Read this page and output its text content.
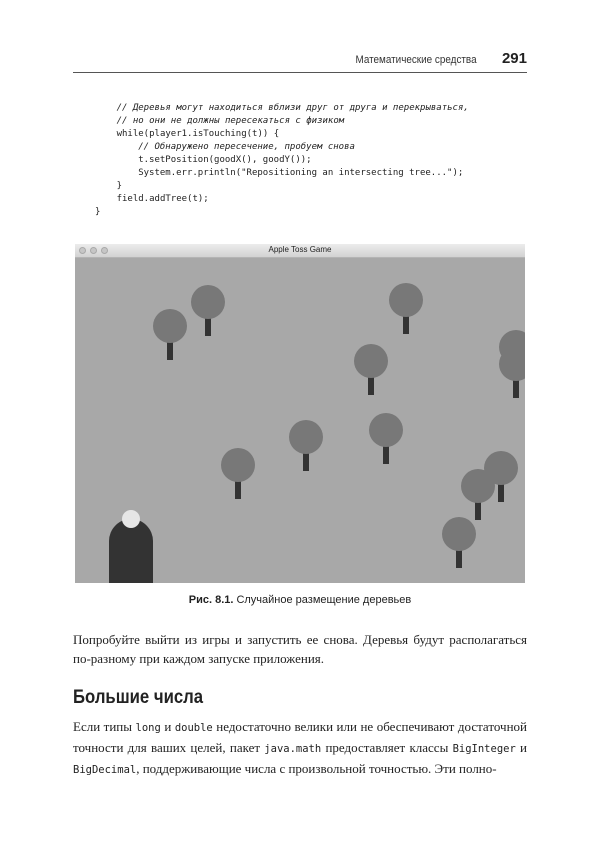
Математические средства 291
// Деревья могут находиться вблизи друг от друга и перекрываться,
// но они не должны пересекаться с физиком
while(player1.isTouching(t)) {
// Обнаружено пересечение, пробуем снова
t.setPosition(goodX(), goodY());
System.err.println("Repositioning an intersecting tree...");
}
field.addTree(t);
}
Apple Toss Game
Рис. 8.1. Случайное размещение деревьев
Попробуйте выйти из игры и запустить ее снова. Деревья будут располагаться по-разному при каждом запуске приложения.
Большие числа
Если типы long и double недостаточно велики или не обеспечивают достаточной точности для ваших целей, пакет java.math предоставляет классы BigInteger и BigDecimal, поддерживающие числа с произвольной точностью. Эти полно-
